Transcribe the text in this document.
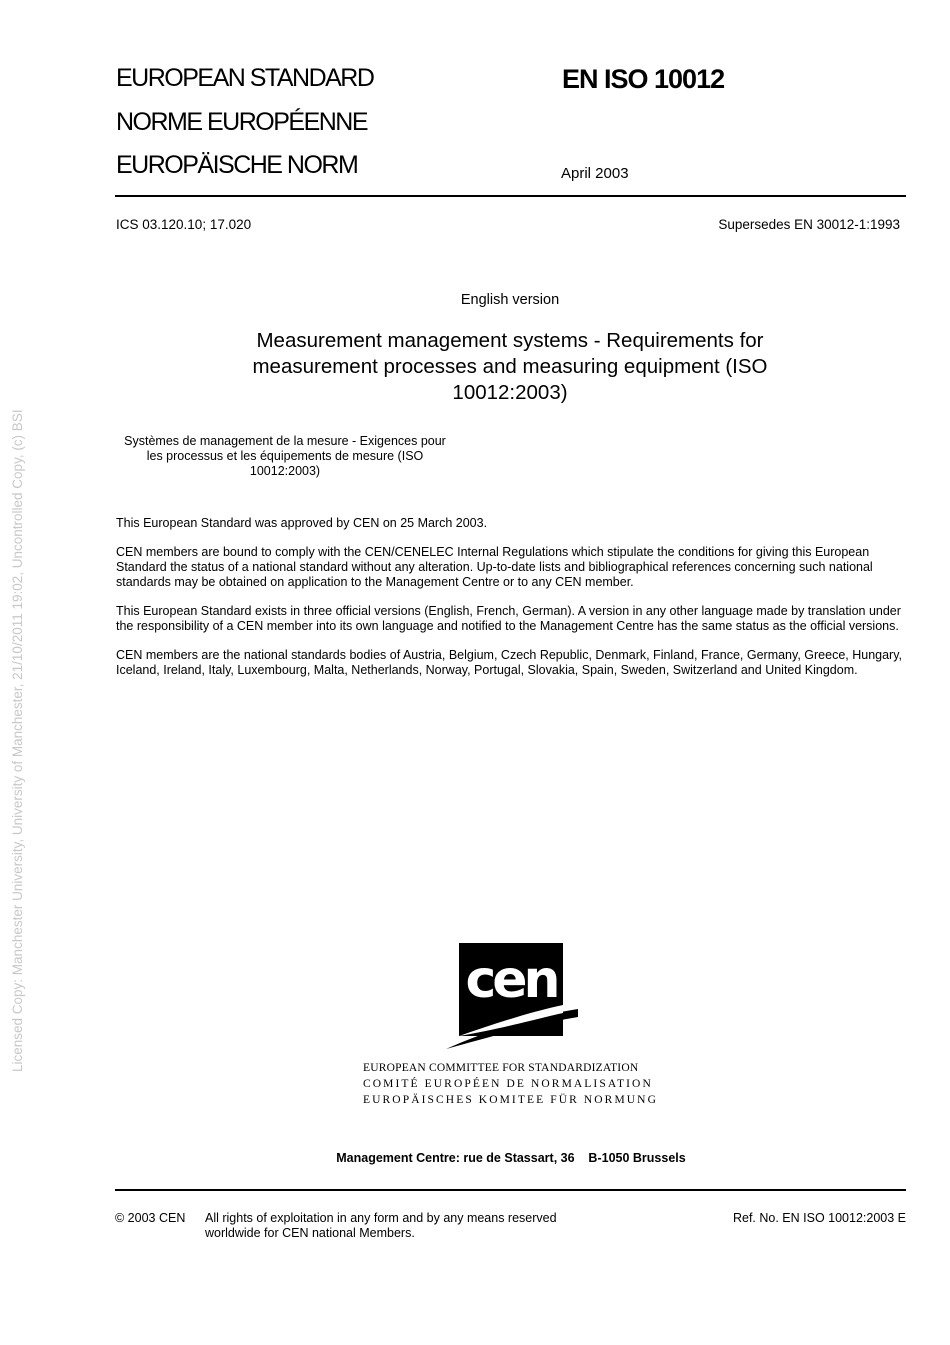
Licensed Copy: Manchester University, University of Manchester, 21/10/2011 19:02, Uncontrolled Copy, (c) BSI
EUROPEAN STANDARD
NORME EUROPÉENNE
EUROPÄISCHE NORM
EN ISO 10012
April 2003
ICS 03.120.10; 17.020	Supersedes EN 30012-1:1993
English version
Measurement management systems - Requirements for measurement processes and measuring equipment (ISO 10012:2003)
Systèmes de management de la mesure - Exigences pour les processus et les équipements de mesure (ISO 10012:2003)

This European Standard was approved by CEN on 25 March 2003.

CEN members are bound to comply with the CEN/CENELEC Internal Regulations which stipulate the conditions for giving this European Standard the status of a national standard without any alteration. Up-to-date lists and bibliographical references concerning such national standards may be obtained on application to the Management Centre or to any CEN member.

This European Standard exists in three official versions (English, French, German). A version in any other language made by translation under the responsibility of a CEN member into its own language and notified to the Management Centre has the same status as the official versions.

CEN members are the national standards bodies of Austria, Belgium, Czech Republic, Denmark, Finland, France, Germany, Greece, Hungary, Iceland, Ireland, Italy, Luxembourg, Malta, Netherlands, Norway, Portugal, Slovakia, Spain, Sweden, Switzerland and United Kingdom.

cen
EUROPEAN COMMITTEE FOR STANDARDIZATION
COMITÉ EUROPÉEN DE NORMALISATION
EUROPÄISCHES KOMITEE FÜR NORMUNG
Management Centre: rue de Stassart, 36    B-1050 Brussels
© 2003 CEN All rights of exploitation in any form and by any means reserved worldwide for CEN national Members.
Ref. No. EN ISO 10012:2003 E
